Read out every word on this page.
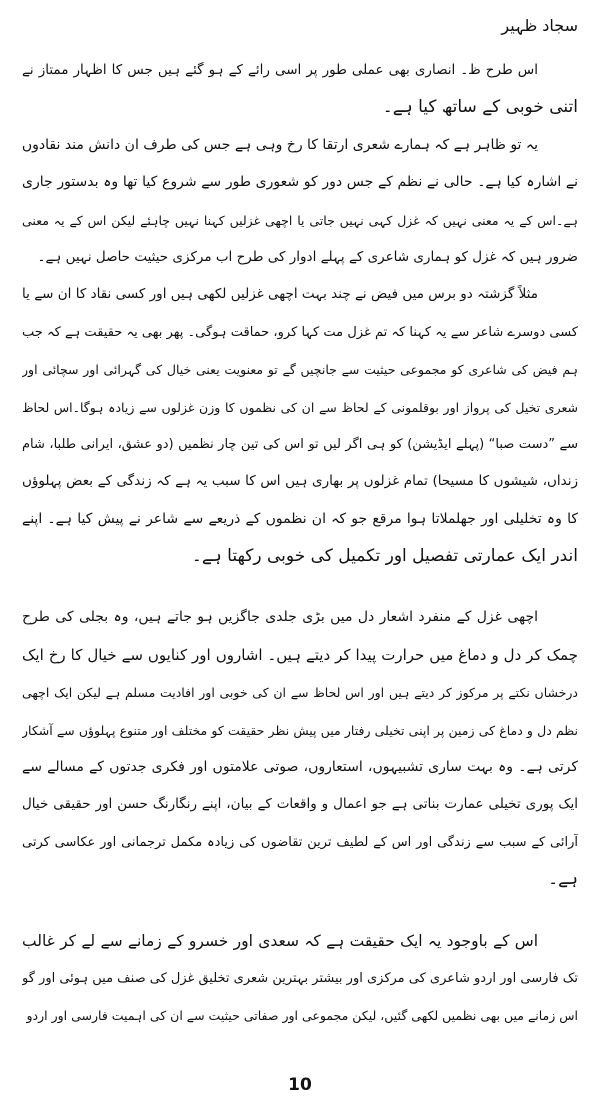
سجاد ظہیر
اس طرح ظ۔ انصاری بھی عملی طور پر اسی رائے کے ہو گئے ہیں جس کا اظہار ممتاز نے
اتنی خوبی کے ساتھ کیا ہے۔
یہ تو ظاہر ہے کہ ہمارے شعری ارتقا کا رخ وہی ہے جس کی طرف ان دانش مند نقادوں
نے اشارہ کیا ہے۔ حالی نے نظم کے جس دور کو شعوری طور سے شروع کیا تھا وہ بدستور جاری
ہے۔اس کے یہ معنی نہیں کہ غزل کہی نہیں جاتی یا اچھی غزلیں کہنا نہیں چاہئے لیکن اس کے یہ معنی
ضرور ہیں کہ غزل کو ہماری شاعری کے پہلے ادوار کی طرح اب مرکزی حیثیت حاصل نہیں ہے۔
مثلاً گزشتہ دو برس میں فیض نے چند بہت اچھی غزلیں لکھی ہیں اور کسی نقاد کا ان سے یا
کسی دوسرے شاعر سے یہ کہنا کہ تم غزل مت کہا کرو، حماقت ہوگی۔ پھر بھی یہ حقیقت ہے کہ جب
ہم فیض کی شاعری کو مجموعی حیثیت سے جانچیں گے تو معنویت یعنی خیال کی گہرائی اور سچائی اور
شعری تخیل کی پرواز اور بوقلمونی کے لحاظ سے ان کی نظموں کا وزن غزلوں سے زیادہ ہوگا۔اس لحاظ
سے ”دست صبا“ (پہلے ایڈیشن) کو ہی اگر لیں تو اس کی تین چار نظمیں (دو عشق، ایرانی طلبا، شام
زنداں، شیشوں کا مسیحا) تمام غزلوں پر بھاری ہیں اس کا سبب یہ ہے کہ زندگی کے بعض پہلوؤں
کا وہ تخلیلی اور جھلملاتا ہوا مرقع جو کہ ان نظموں کے ذریعے سے شاعر نے پیش کیا ہے۔ اپنے
اندر ایک عمارتی تفصیل اور تکمیل کی خوبی رکھتا ہے۔
اچھی غزل کے منفرد اشعار دل میں بڑی جلدی جاگزیں ہو جاتے ہیں، وہ بجلی کی طرح
چمک کر دل و دماغ میں حرارت پیدا کر دیتے ہیں۔ اشاروں اور کنایوں سے خیال کا رخ ایک
درخشاں نکتے پر مرکوز کر دیتے ہیں اور اس لحاظ سے ان کی خوبی اور افادیت مسلم ہے لیکن ایک اچھی
نظم دل و دماغ کی زمین پر اپنی تخیلی رفتار میں پیش نظر حقیقت کو مختلف اور متنوع پہلوؤں سے آشکار
کرتی ہے۔ وہ بہت ساری تشبیہوں، استعاروں، صوتی علامتوں اور فکری جدتوں کے مسالے سے
ایک پوری تخیلی عمارت بناتی ہے جو اعمال و واقعات کے بیان، اپنے رنگارنگ حسن اور حقیقی خیال
آرائی کے سبب سے زندگی اور اس کے لطیف ترین تقاضوں کی زیادہ مکمل ترجمانی اور عکاسی کرتی
ہے۔
اس کے باوجود یہ ایک حقیقت ہے کہ سعدی اور خسرو کے زمانے سے لے کر غالب
تک فارسی اور اردو شاعری کی مرکزی اور بیشتر بہترین شعری تخلیق غزل کی صنف میں ہوئی اور گو
اس زمانے میں بھی نظمیں لکھی گئیں، لیکن مجموعی اور صفاتی حیثیت سے ان کی اہمیت فارسی اور اردو
10
